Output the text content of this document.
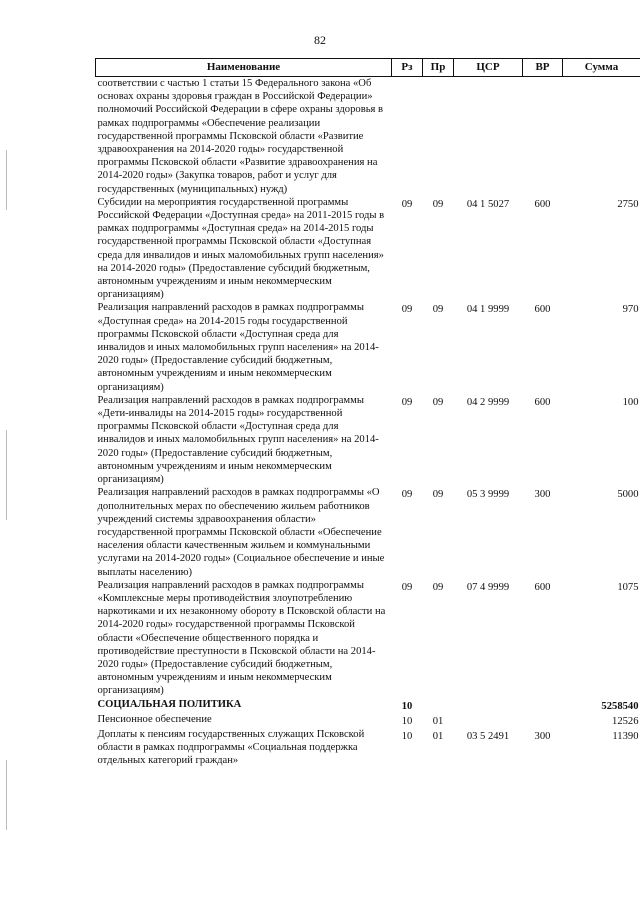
82
Наименование	Рз	Пр	ЦСР	ВР	Сумма
соответствии с частью 1 статьи 15 Федерального закона «Об основах охраны здоровья граждан в Российской Федерации» полномочий Российской Федерации в сфере охраны здоровья в рамках подпрограммы «Обеспечение реализации государственной программы Псковской области «Развитие здравоохранения на 2014-2020 годы» государственной программы Псковской области «Развитие здравоохранения на 2014-2020 годы» (Закупка товаров, работ и услуг для государственных (муниципальных) нужд)					
Субсидии на мероприятия государственной программы Российской Федерации «Доступная среда» на 2011-2015 годы в рамках подпрограммы «Доступная среда» на 2014-2015 годы государственной программы Псковской области «Доступная среда для инвалидов и иных маломобильных групп населения» на 2014-2020 годы» (Предоставление субсидий бюджетным, автономным учреждениям и иным некоммерческим организациям)	09	09	04 1 5027	600	2750
Реализация направлений расходов в рамках подпрограммы «Доступная среда» на 2014-2015 годы государственной программы Псковской области «Доступная среда для инвалидов и иных маломобильных групп населения» на 2014-2020 годы» (Предоставление субсидий бюджетным, автономным учреждениям и иным некоммерческим организациям)	09	09	04 1 9999	600	970
Реализация направлений расходов в рамках подпрограммы «Дети-инвалиды на 2014-2015 годы» государственной программы Псковской области «Доступная среда для инвалидов и иных маломобильных групп населения» на 2014-2020 годы» (Предоставление субсидий бюджетным, автономным учреждениям и иным некоммерческим организациям)	09	09	04 2 9999	600	100
Реализация направлений расходов в рамках подпрограммы «О дополнительных мерах по обеспечению жильем работников учреждений системы здравоохранения области» государственной программы Псковской области «Обеспечение населения области качественным жильем и коммунальными услугами на 2014-2020 годы» (Социальное обеспечение и иные выплаты населению)	09	09	05 3 9999	300	5000
Реализация направлений расходов в рамках подпрограммы «Комплексные меры противодействия злоупотреблению наркотиками и их незаконному обороту в Псковской области на 2014-2020 годы» государственной программы Псковской области «Обеспечение общественного порядка и противодействие преступности в Псковской области на 2014-2020 годы» (Предоставление субсидий бюджетным, автономным учреждениям и иным некоммерческим организациям)	09	09	07 4 9999	600	1075
СОЦИАЛЬНАЯ ПОЛИТИКА	10				5258540
Пенсионное обеспечение	10	01			12526
Доплаты к пенсиям государственных служащих Псковской области в рамках подпрограммы «Социальная поддержка отдельных категорий граждан»	10	01	03 5 2491	300	11390
